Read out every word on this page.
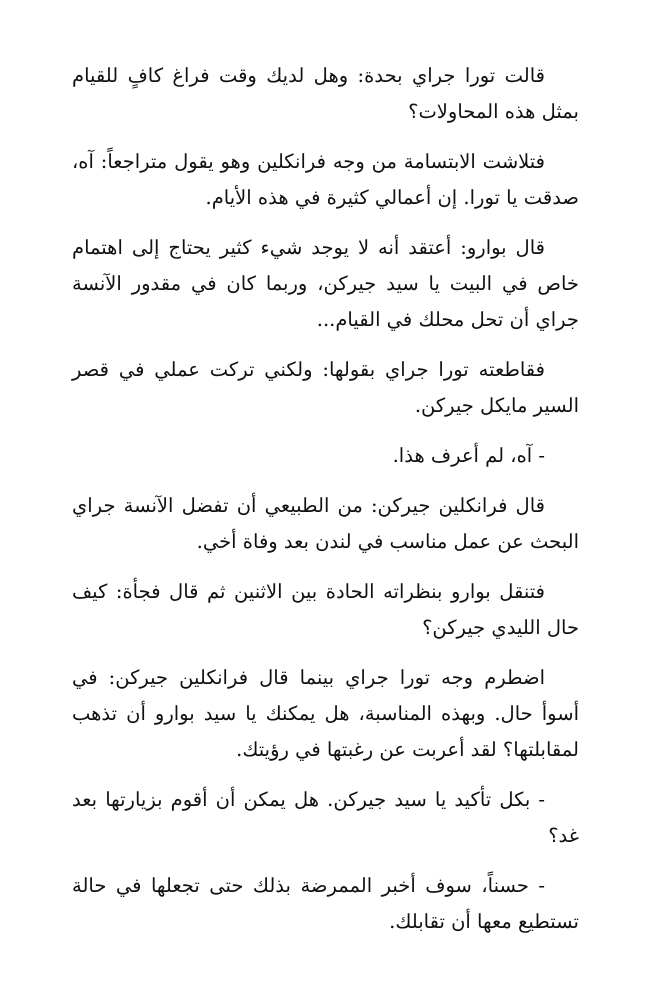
قالت تورا جراي بحدة: وهل لديك وقت فراغ كافٍ للقيام بمثل هذه المحاولات؟

فتلاشت الابتسامة من وجه فرانكلين وهو يقول متراجعاً: آه، صدقت يا تورا. إن أعمالي كثيرة في هذه الأيام.

قال بوارو: أعتقد أنه لا يوجد شيء كثير يحتاج إلى اهتمام خاص في البيت يا سيد جيركن، وربما كان في مقدور الآنسة جراي أن تحل محلك في القيام...

فقاطعته تورا جراي بقولها: ولكني تركت عملي في قصر السير مايكل جيركن.

- آه، لم أعرف هذا.

قال فرانكلين جيركن: من الطبيعي أن تفضل الآنسة جراي البحث عن عمل مناسب في لندن بعد وفاة أخي.

فتنقل بوارو بنظراته الحادة بين الاثنين ثم قال فجأة: كيف حال الليدي جيركن؟

اضطرم وجه تورا جراي بينما قال فرانكلين جيركن: في أسوأ حال. وبهذه المناسبة، هل يمكنك يا سيد بوارو أن تذهب لمقابلتها؟ لقد أعربت عن رغبتها في رؤيتك.

- بكل تأكيد يا سيد جيركن. هل يمكن أن أقوم بزيارتها بعد غد؟

- حسناً، سوف أخبر الممرضة بذلك حتى تجعلها في حالة تستطيع معها أن تقابلك.
